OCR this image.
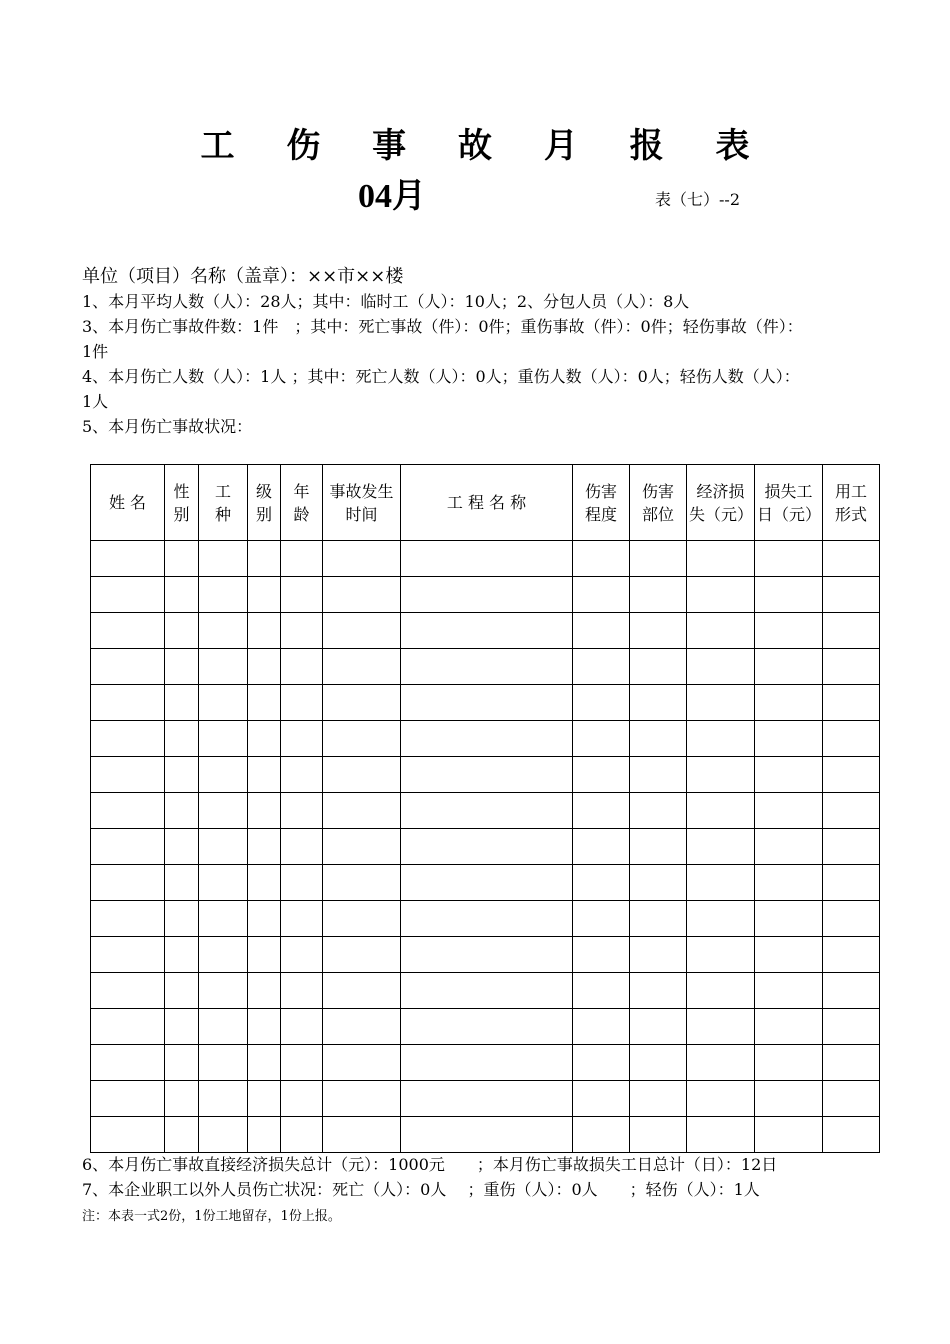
工 伤 事 故 月 报 表
04月	表（七）--2
单位（项目）名称（盖章）：××市××楼
1、本月平均人数（人）：28人；其中：临时工（人）：10人；2、分包人员（人）：8人
3、本月伤亡事故件数：1件　；其中：死亡事故（件）：0件；重伤事故（件）：0件；轻伤事故（件）：
1件
4、本月伤亡人数（人）：1人 ；其中：死亡人数（人）：0人；重伤人数（人）：0人；轻伤人数（人）：
1人
5、本月伤亡事故状况：
姓 名	性别	工种	级别	年龄	事故发生时间	工 程 名 称	伤害程度	伤害部位	经济损失（元）	损失工日（元）	用工形式

6、本月伤亡事故直接经济损失总计（元）：1000元　　；本月伤亡事故损失工日总计（日）：12日
7、本企业职工以外人员伤亡状况：死亡（人）：0人　 ；重伤（人）：0人　　；轻伤（人）：1人
注：本表一式2份，1份工地留存，1份上报。
